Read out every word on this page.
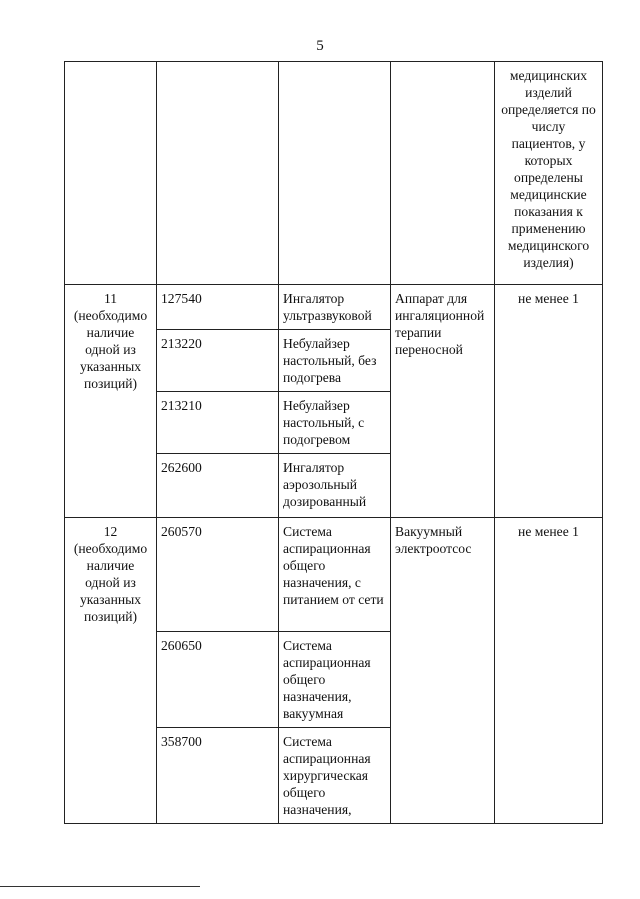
5
				медицинских изделий определяется по числу пациентов, у которых определены медицинские показания к применению медицинского изделия)
11 (необходимо наличие одной из указанных позиций)	127540	Ингалятор ультразвуковой	Аппарат для ингаляционной терапии переносной	не менее 1
	213220	Небулайзер настольный, без подогрева		
	213210	Небулайзер настольный, с подогревом		
	262600	Ингалятор аэрозольный дозированный		
12 (необходимо наличие одной из указанных позиций)	260570	Система аспирационная общего назначения, с питанием от сети	Вакуумный электроотсос	не менее 1
	260650	Система аспирационная общего назначения, вакуумная		
	358700	Система аспирационная хирургическая общего назначения,		
